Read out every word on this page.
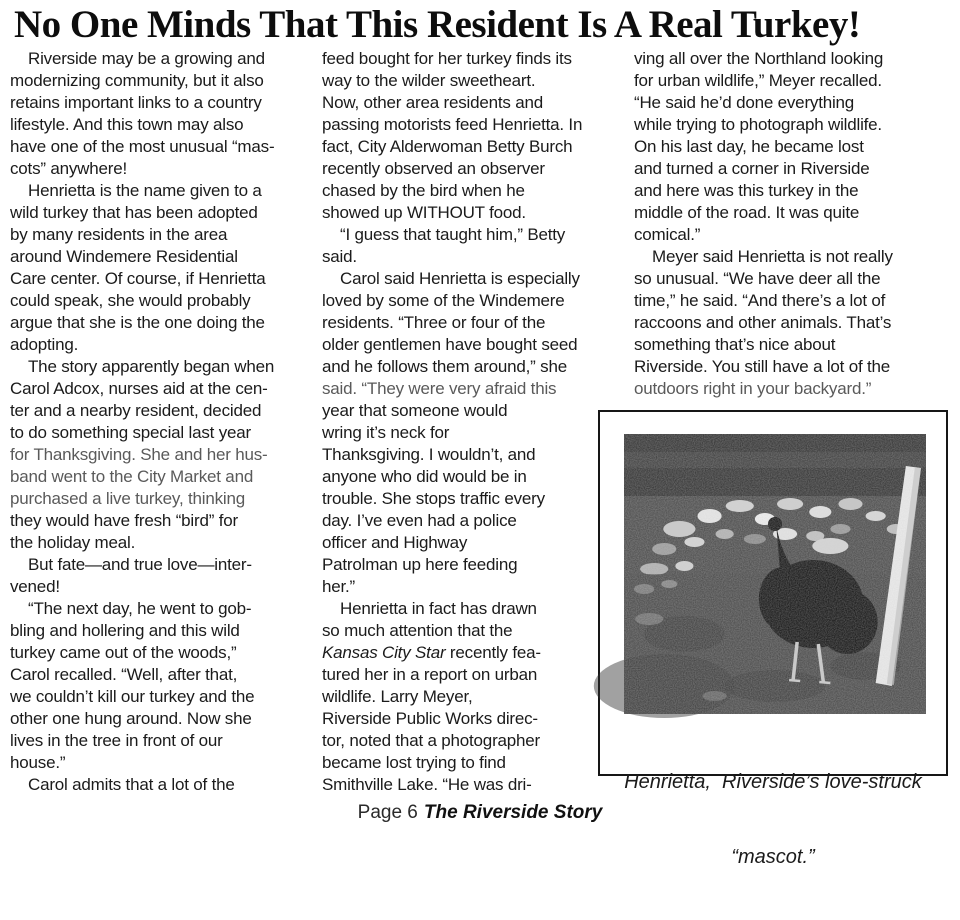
No One Minds That This Resident Is A Real Turkey!
Riverside may be a growing and
modernizing community, but it also
retains important links to a country
lifestyle. And this town may also
have one of the most unusual “mas-
cots” anywhere!
Henrietta is the name given to a
wild turkey that has been adopted
by many residents in the area
around Windemere Residential
Care center. Of course, if Henrietta
could speak, she would probably
argue that she is the one doing the
adopting.
The story apparently began when
Carol Adcox, nurses aid at the cen-
ter and a nearby resident, decided
to do something special last year
for Thanksgiving. She and her hus-
band went to the City Market and
purchased a live turkey, thinking
they would have fresh “bird” for
the holiday meal.
But fate—and true love—inter-
vened!
“The next day, he went to gob-
bling and hollering and this wild
turkey came out of the woods,”
Carol recalled. “Well, after that,
we couldn’t kill our turkey and the
other one hung around. Now she
lives in the tree in front of our
house.”
Carol admits that a lot of the
feed bought for her turkey finds its
way to the wilder sweetheart.
Now, other area residents and
passing motorists feed Henrietta. In
fact, City Alderwoman Betty Burch
recently observed an observer
chased by the bird when he
showed up WITHOUT food.
“I guess that taught him,” Betty
said.
Carol said Henrietta is especially
loved by some of the Windemere
residents. “Three or four of the
older gentlemen have bought seed
and he follows them around,” she
said. “They were very afraid this
year that someone would
wring it’s neck for
Thanksgiving. I wouldn’t, and
anyone who did would be in
trouble. She stops traffic every
day. I’ve even had a police
officer and Highway
Patrolman up here feeding
her.”
Henrietta in fact has drawn
so much attention that the
Kansas City Star recently fea-
tured her in a report on urban
wildlife. Larry Meyer,
Riverside Public Works direc-
tor, noted that a photographer
became lost trying to find
Smithville Lake. “He was dri-
ving all over the Northland looking
for urban wildlife,” Meyer recalled.
“He said he’d done everything
while trying to photograph wildlife.
On his last day, he became lost
and turned a corner in Riverside
and here was this turkey in the
middle of the road. It was quite
comical.”
Meyer said Henrietta is not really
so unusual. “We have deer all the
time,” he said. “And there’s a lot of
raccoons and other animals. That’s
something that’s nice about
Riverside. You still have a lot of the
outdoors right in your backyard.”

Henrietta,  Riverside’s love-struck

“mascot.”

Page 6 The Riverside Story
